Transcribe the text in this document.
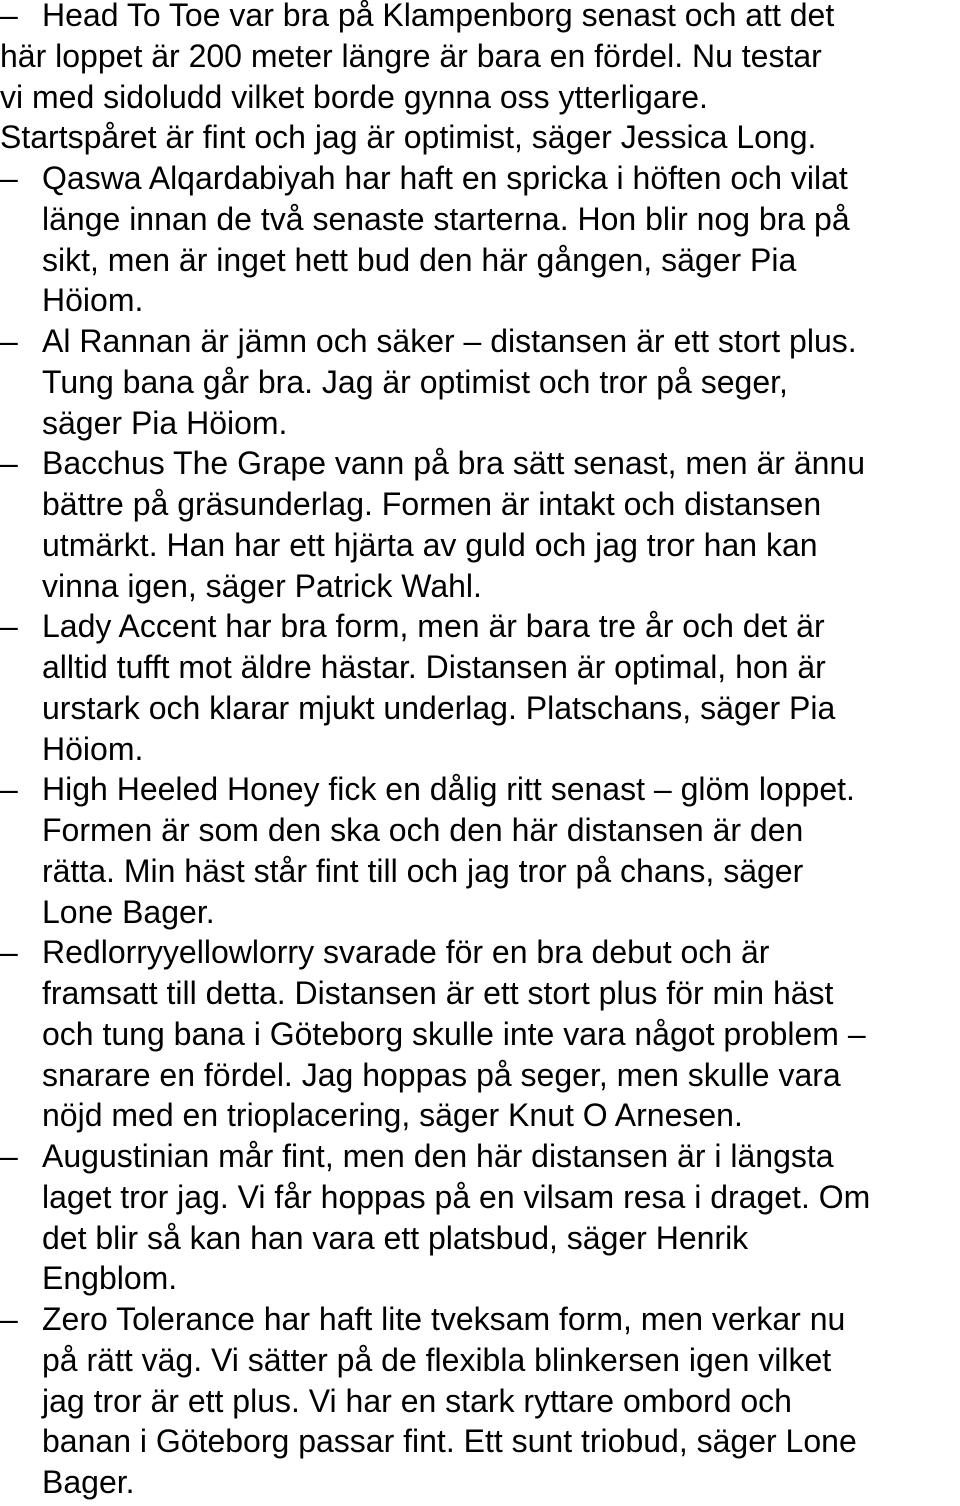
– Head To Toe var bra på Klampenborg senast och att det
här loppet är 200 meter längre är bara en fördel. Nu testar
vi med sidoludd vilket borde gynna oss ytterligare.
Startspåret är fint och jag är optimist, säger Jessica Long.
– Qaswa Alqardabiyah har haft en spricka i höften och vilat
länge innan de två senaste starterna. Hon blir nog bra på
sikt, men är inget hett bud den här gången, säger Pia
Höiom.
– Al Rannan är jämn och säker – distansen är ett stort plus.
Tung bana går bra. Jag är optimist och tror på seger,
säger Pia Höiom.
– Bacchus The Grape vann på bra sätt senast, men är ännu
bättre på gräsunderlag. Formen är intakt och distansen
utmärkt. Han har ett hjärta av guld och jag tror han kan
vinna igen, säger Patrick Wahl.
– Lady Accent har bra form, men är bara tre år och det är
alltid tufft mot äldre hästar. Distansen är optimal, hon är
urstark och klarar mjukt underlag. Platschans, säger Pia
Höiom.
– High Heeled Honey fick en dålig ritt senast – glöm loppet.
Formen är som den ska och den här distansen är den
rätta. Min häst står fint till och jag tror på chans, säger
Lone Bager.
– Redlorryyellowlorry svarade för en bra debut och är
framsatt till detta. Distansen är ett stort plus för min häst
och tung bana i Göteborg skulle inte vara något problem –
snarare en fördel. Jag hoppas på seger, men skulle vara
nöjd med en trioplacering, säger Knut O Arnesen.
– Augustinian mår fint, men den här distansen är i längsta
laget tror jag. Vi får hoppas på en vilsam resa i draget. Om
det blir så kan han vara ett platsbud, säger Henrik
Engblom.
– Zero Tolerance har haft lite tveksam form, men verkar nu
på rätt väg. Vi sätter på de flexibla blinkersen igen vilket
jag tror är ett plus. Vi har en stark ryttare ombord och
banan i Göteborg passar fint. Ett sunt triobud, säger Lone
Bager.
